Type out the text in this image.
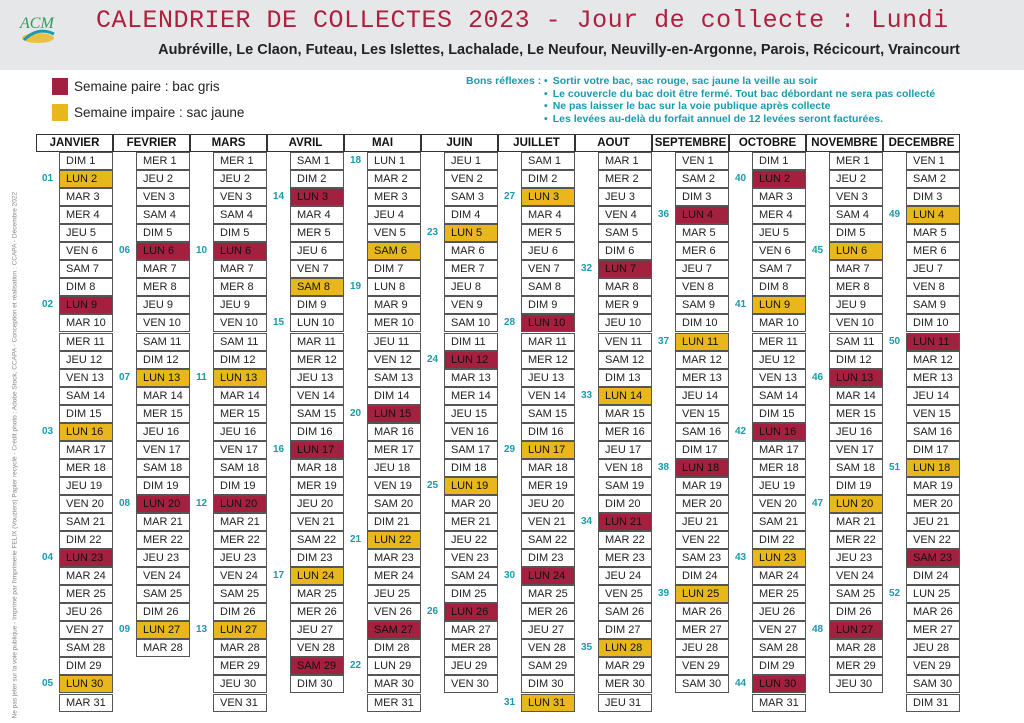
ACM CALENDRIER DE COLLECTES 2023 - Jour de collecte : Lundi
Aubréville, Le Claon, Futeau, Les Islettes, Lachalade, Le Neufour, Neuvilly-en-Argonne, Parois, Récicourt, Vraincourt
Semaine paire : bac gris
Semaine impaire : sac jaune
Bons réflexes :
•	Sortir votre bac, sac rouge, sac jaune la veille au soir
• Le couvercle du bac doit être fermé. Tout bac débordant ne sera pas collecté
• Ne pas laisser le bac sur la voie publique après collecte
• Les levées au-delà du forfait annuel de 12 levées seront facturées.
Ne pas jeter sur la voie publique - Imprimé par l'imprimerie FELIX (Vouziers) Papier recyclé - Crédit photo : Adobe Stock, CCAPA - Conception et réalisation : CCAPA - Décembre 2022
JANVIER
DIM 1
LUN 2
01
MAR 3
MER 4
JEU 5
VEN 6
SAM 7
DIM 8
LUN 9
02
MAR 10
MER 11
JEU 12
VEN 13
SAM 14
DIM 15
LUN 16
03
MAR 17
MER 18
JEU 19
VEN 20
SAM 21
DIM 22
LUN 23
04
MAR 24
MER 25
JEU 26
VEN 27
SAM 28
DIM 29
LUN 30
05
MAR 31
FEVRIER
MER 1
JEU 2
VEN 3
SAM 4
DIM 5
LUN 6
06
MAR 7
MER 8
JEU 9
VEN 10
SAM 11
DIM 12
LUN 13
07
MAR 14
MER 15
JEU 16
VEN 17
SAM 18
DIM 19
LUN 20
08
MAR 21
MER 22
JEU 23
VEN 24
SAM 25
DIM 26
LUN 27
09
MAR 28
MARS
MER 1
JEU 2
VEN 3
SAM 4
DIM 5
LUN 6
10
MAR 7
MER 8
JEU 9
VEN 10
SAM 11
DIM 12
LUN 13
11
MAR 14
MER 15
JEU 16
VEN 17
SAM 18
DIM 19
LUN 20
12
MAR 21
MER 22
JEU 23
VEN 24
SAM 25
DIM 26
LUN 27
13
MAR 28
MER 29
JEU 30
VEN 31
AVRIL
SAM 1
DIM 2
LUN 3
14
MAR 4
MER 5
JEU 6
VEN 7
SAM 8
DIM 9
LUN 10
15
MAR 11
MER 12
JEU 13
VEN 14
SAM 15
DIM 16
LUN 17
16
MAR 18
MER 19
JEU 20
VEN 21
SAM 22
DIM 23
LUN 24
17
MAR 25
MER 26
JEU 27
VEN 28
SAM 29
DIM 30
MAI
LUN 1
18
MAR 2
MER 3
JEU 4
VEN 5
SAM 6
DIM 7
LUN 8
19
MAR 9
MER 10
JEU 11
VEN 12
SAM 13
DIM 14
LUN 15
20
MAR 16
MER 17
JEU 18
VEN 19
SAM 20
DIM 21
LUN 22
21
MAR 23
MER 24
JEU 25
VEN 26
SAM 27
DIM 28
LUN 29
22
MAR 30
MER 31
JUIN
JEU 1
VEN 2
SAM 3
DIM 4
LUN 5
23
MAR 6
MER 7
JEU 8
VEN 9
SAM 10
DIM 11
LUN 12
24
MAR 13
MER 14
JEU 15
VEN 16
SAM 17
DIM 18
LUN 19
25
MAR 20
MER 21
JEU 22
VEN 23
SAM 24
DIM 25
LUN 26
26
MAR 27
MER 28
JEU 29
VEN 30
JUILLET
SAM 1
DIM 2
LUN 3
27
MAR 4
MER 5
JEU 6
VEN 7
SAM 8
DIM 9
LUN 10
28
MAR 11
MER 12
JEU 13
VEN 14
SAM 15
DIM 16
LUN 17
29
MAR 18
MER 19
JEU 20
VEN 21
SAM 22
DIM 23
LUN 24
30
MAR 25
MER 26
JEU 27
VEN 28
SAM 29
DIM 30
LUN 31
31
AOUT
MAR 1
MER 2
JEU 3
VEN 4
SAM 5
DIM 6
LUN 7
32
MAR 8
MER 9
JEU 10
VEN 11
SAM 12
DIM 13
LUN 14
33
MAR 15
MER 16
JEU 17
VEN 18
SAM 19
DIM 20
LUN 21
34
MAR 22
MER 23
JEU 24
VEN 25
SAM 26
DIM 27
LUN 28
35
MAR 29
MER 30
JEU 31
SEPTEMBRE
VEN 1
SAM 2
DIM 3
LUN 4
36
MAR 5
MER 6
JEU 7
VEN 8
SAM 9
DIM 10
LUN 11
37
MAR 12
MER 13
JEU 14
VEN 15
SAM 16
DIM 17
LUN 18
38
MAR 19
MER 20
JEU 21
VEN 22
SAM 23
DIM 24
LUN 25
39
MAR 26
MER 27
JEU 28
VEN 29
SAM 30
OCTOBRE
DIM 1
LUN 2
40
MAR 3
MER 4
JEU 5
VEN 6
SAM 7
DIM 8
LUN 9
41
MAR 10
MER 11
JEU 12
VEN 13
SAM 14
DIM 15
LUN 16
42
MAR 17
MER 18
JEU 19
VEN 20
SAM 21
DIM 22
LUN 23
43
MAR 24
MER 25
JEU 26
VEN 27
SAM 28
DIM 29
LUN 30
44
MAR 31
NOVEMBRE
MER 1
JEU 2
VEN 3
SAM 4
DIM 5
LUN 6
45
MAR 7
MER 8
JEU 9
VEN 10
SAM 11
DIM 12
LUN 13
46
MAR 14
MER 15
JEU 16
VEN 17
SAM 18
DIM 19
LUN 20
47
MAR 21
MER 22
JEU 23
VEN 24
SAM 25
DIM 26
LUN 27
48
MAR 28
MER 29
JEU 30
DECEMBRE
VEN 1
SAM 2
DIM 3
LUN 4
49
MAR 5
MER 6
JEU 7
VEN 8
SAM 9
DIM 10
LUN 11
50
MAR 12
MER 13
JEU 14
VEN 15
SAM 16
DIM 17
LUN 18
51
MAR 19
MER 20
JEU 21
VEN 22
SAM 23
DIM 24
LUN 25
52
MAR 26
MER 27
JEU 28
VEN 29
SAM 30
DIM 31
